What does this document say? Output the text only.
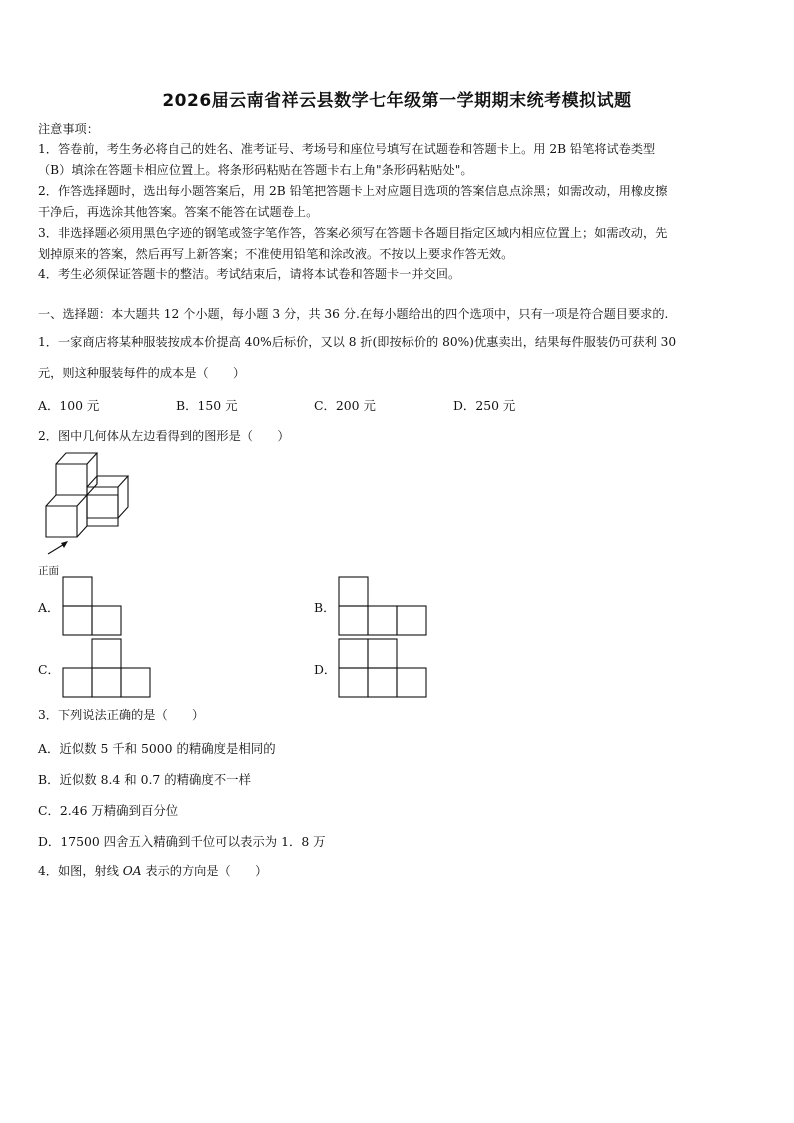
2026届云南省祥云县数学七年级第一学期期末统考模拟试题
注意事项：
1．答卷前，考生务必将自己的姓名、准考证号、考场号和座位号填写在试题卷和答题卡上。用 2B 铅笔将试卷类型
（B）填涂在答题卡相应位置上。将条形码粘贴在答题卡右上角"条形码粘贴处"。
2．作答选择题时，选出每小题答案后，用 2B 铅笔把答题卡上对应题目选项的答案信息点涂黑；如需改动，用橡皮擦
干净后，再选涂其他答案。答案不能答在试题卷上。
3．非选择题必须用黑色字迹的钢笔或签字笔作答，答案必须写在答题卡各题目指定区域内相应位置上；如需改动，先
划掉原来的答案，然后再写上新答案；不准使用铅笔和涂改液。不按以上要求作答无效。
4．考生必须保证答题卡的整洁。考试结束后，请将本试卷和答题卡一并交回。
一、选择题：本大题共 12 个小题，每小题 3 分，共 36 分.在每小题给出的四个选项中，只有一项是符合题目要求的.
1．一家商店将某种服装按成本价提高 40%后标价，又以 8 折(即按标价的 80%)优惠卖出，结果每件服装仍可获利 30
元，则这种服装每件的成本是（　　）
A．100 元	B．150 元	C．200 元	D．250 元
2．图中几何体从左边看得到的图形是（　　）
正面
A．	B．
C．	D．
3．下列说法正确的是（　　）
A．近似数 5 千和 5000 的精确度是相同的
B．近似数 8.4 和 0.7 的精确度不一样
C．2.46 万精确到百分位
D．17500 四舍五入精确到千位可以表示为 1．8 万
4．如图，射线 OA 表示的方向是（　　）
